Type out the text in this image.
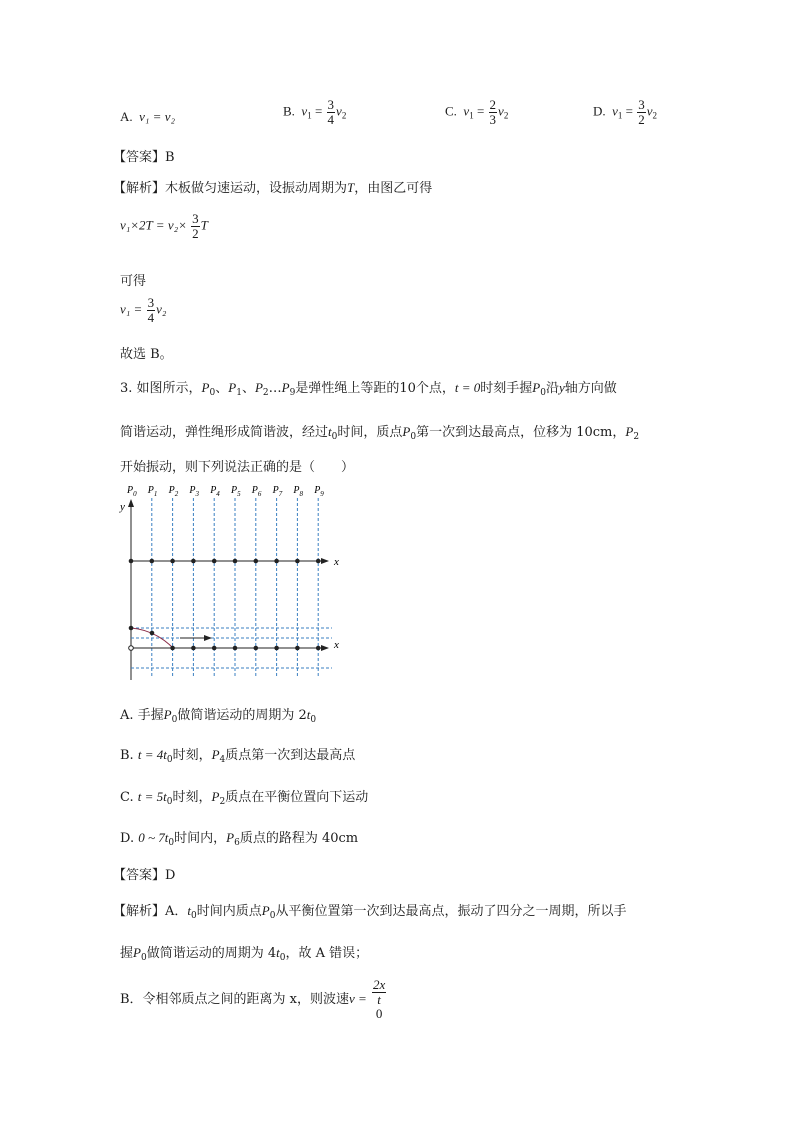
A. v₁ = v₂	B. $v_1 = \frac{3}{4} v_2$	C. $v_1 = \frac{2}{3} v_2$	D. $v_1 = \frac{3}{2} v_2$
【答案】B
【解析】木板做匀速运动，设振动周期为T，由图乙可得
$v_1\times 2T = v_2\times \frac{3}{2}$ T
可得
$v_1 = \frac{3}{4} v_2$
故选 B。
3. 如图所示，$P_0$、$P_1$、$P_2\dots P_9$是弹性绳上等距的10个点，t = 0时刻手握$P_0$沿y轴方向做
简谐运动，弹性绳形成简谐波，经过$t_0$时间，质点$P_0$第一次到达最高点，位移为 10cm，$P_2$
开始振动，则下列说法正确的是（　　）
$P_0$ $P_1$ $P_2$ $P_3$ $P_4$ $P_5$ $P_6$ $P_7$ $P_8$ $P_9$
y
x
x
A. 手握$P_0$做简谐运动的周期为 $2t_0$
B. $t = 4t_0$时刻，$P_4$质点第一次到达最高点
C. $t = 5t_0$时刻，$P_2$质点在平衡位置向下运动
D. 0 ~ $7t_0$时间内，$P_6$质点的路程为 40cm
【答案】D
【解析】A．$t_0$时间内质点$P_0$从平衡位置第一次到达最高点，振动了四分之一周期，所以手
握$P_0$做简谐运动的周期为 $4t_0$，故 A 错误；
B．令相邻质点之间的距离为 x，则波速v = 2x
t
0
